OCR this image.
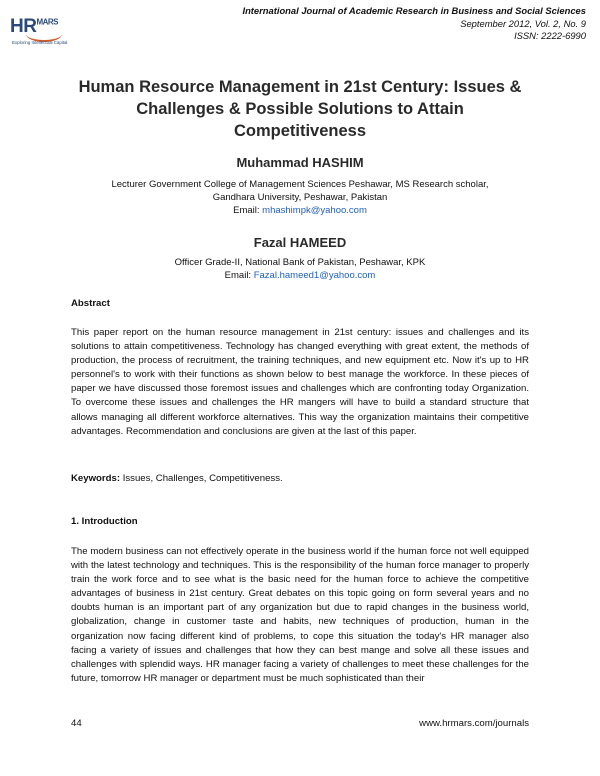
$HR^{MARS}$
Exploring Intellectual Capital
International Journal of Academic Research in Business and Social Sciences
September 2012, Vol. 2, No. 9
ISSN: 2222-6990
Human Resource Management in 21st Century: Issues &
Challenges & Possible Solutions to Attain
Competitiveness
Muhammad HASHIM
Lecturer Government College of Management Sciences Peshawar, MS Research scholar,
Gandhara University, Peshawar, Pakistan
Email: mhashimpk@yahoo.com
Fazal HAMEED
Officer Grade-II, National Bank of Pakistan, Peshawar, KPK
Email: Fazal.hameed1@yahoo.com
Abstract

This paper report on the human resource management in 21st century: issues and challenges and its solutions to attain competitiveness. Technology has changed everything with great extent, the methods of production, the process of recruitment, the training techniques, and new equipment etc. Now it's up to HR personnel's to work with their functions as shown below to best manage the workforce. In these pieces of paper we have discussed those foremost issues and challenges which are confronting today Organization. To overcome these issues and challenges the HR mangers will have to build a standard structure that allows managing all different workforce alternatives. This way the organization maintains their competitive advantages. Recommendation and conclusions are given at the last of this paper.

Keywords: Issues, Challenges, Competitiveness.
1. Introduction

The modern business can not effectively operate in the business world if the human force not well equipped with the latest technology and techniques. This is the responsibility of the human force manager to properly train the work force and to see what is the basic need for the human force to achieve the competitive advantages of business in 21st century. Great debates on this topic going on form several years and no doubts human is an important part of any organization but due to rapid changes in the business world, globalization, change in customer taste and habits, new techniques of production, human in the organization now facing different kind of problems, to cope this situation the today's HR manager also facing a variety of issues and challenges that how they can best mange and solve all these issues and challenges with splendid ways. HR manager facing a variety of challenges to meet these challenges for the future, tomorrow HR manager or department must be much sophisticated than their

44	www.hrmars.com/journals
